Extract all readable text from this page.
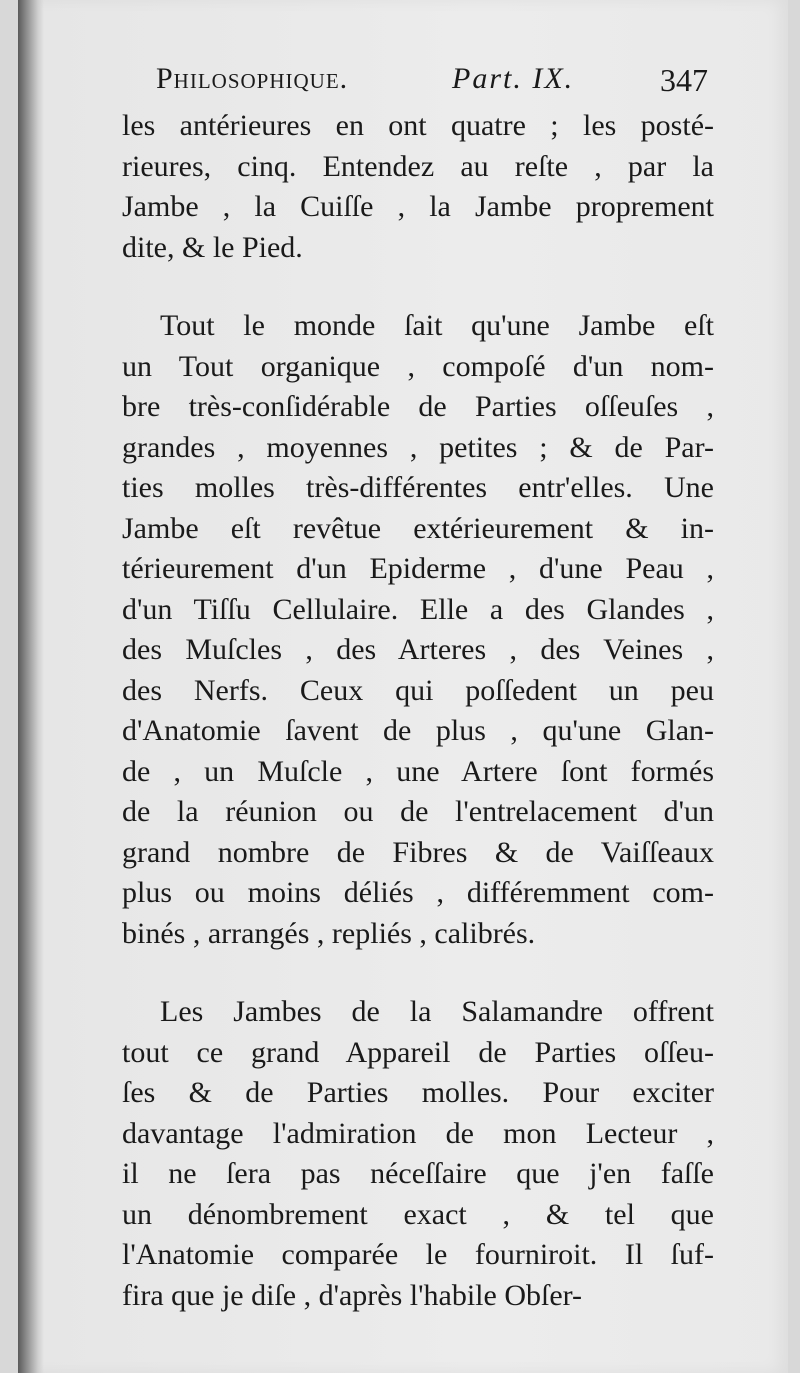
Philosophique.	Part. IX.	347
les antérieures en ont quatre ; les posté-
rieures, cinq. Entendez au reſte , par la
Jambe , la Cuiſſe , la Jambe proprement
dite, & le Pied.
Tout le monde ſait qu'une Jambe eſt
un Tout organique , compoſé d'un nom-
bre très-conſidérable de Parties oſſeuſes ,
grandes , moyennes , petites ; & de Par-
ties molles très-différentes entr'elles. Une
Jambe eſt revêtue extérieurement & in-
térieurement d'un Epiderme , d'une Peau ,
d'un Tiſſu Cellulaire. Elle a des Glandes ,
des Muſcles , des Arteres , des Veines ,
des Nerfs. Ceux qui poſſedent un peu
d'Anatomie ſavent de plus , qu'une Glan-
de , un Muſcle , une Artere ſont formés
de la réunion ou de l'entrelacement d'un
grand nombre de Fibres & de Vaiſſeaux
plus ou moins déliés , différemment com-
binés , arrangés , repliés , calibrés.
Les Jambes de la Salamandre offrent
tout ce grand Appareil de Parties oſſeu-
ſes & de Parties molles. Pour exciter
davantage l'admiration de mon Lecteur ,
il ne ſera pas néceſſaire que j'en faſſe
un dénombrement exact , & tel que
l'Anatomie comparée le fourniroit. Il ſuf-
fira que je diſe , d'après l'habile Obſer-
